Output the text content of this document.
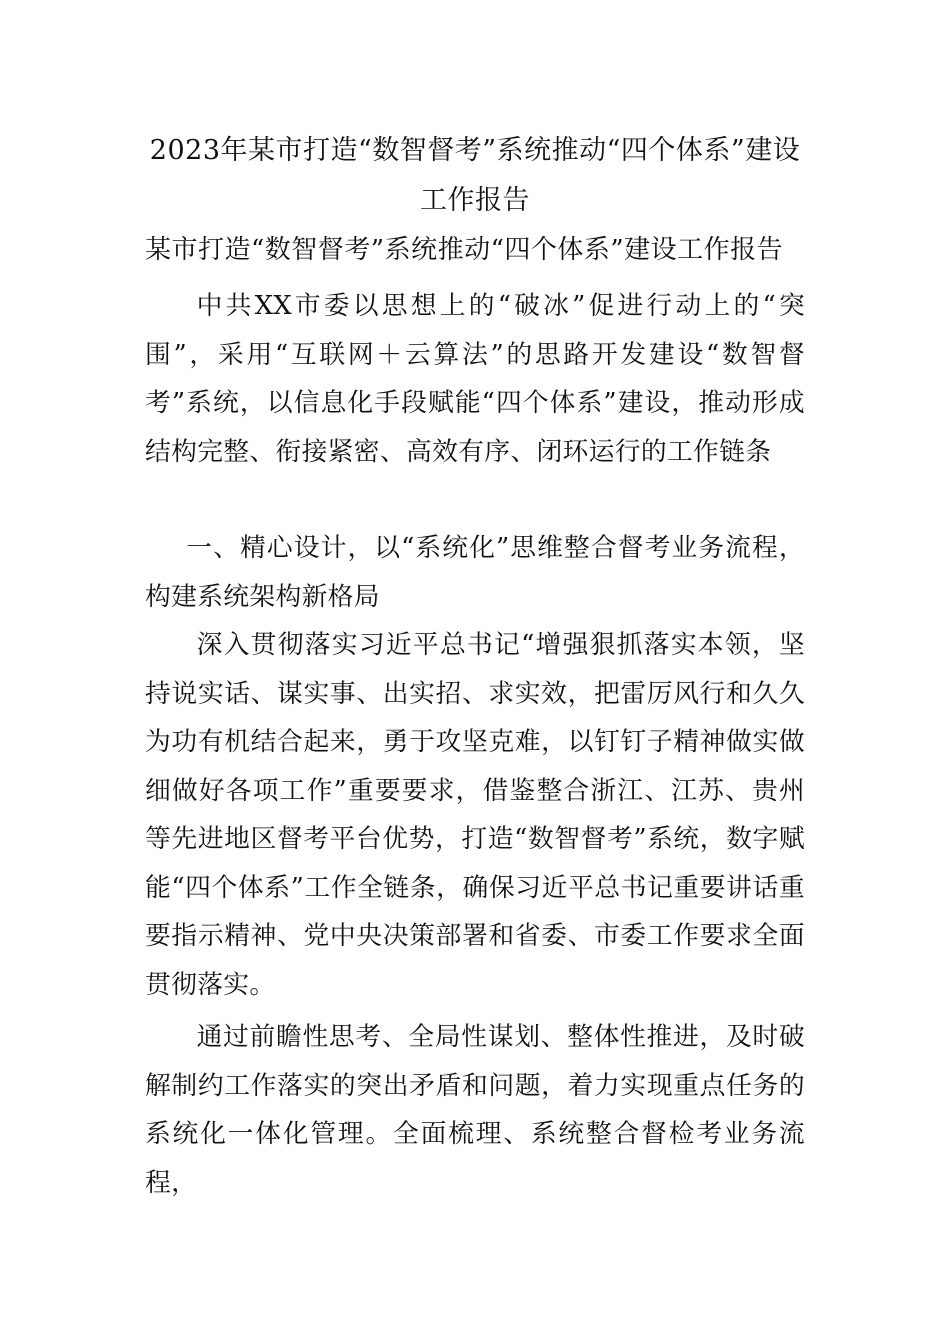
2023年某市打造“数智督考”系统推动“四个体系”建设工作报告

某市打造“数智督考”系统推动“四个体系”建设工作报告

中共XX市委以思想上的“破冰”促进行动上的“突围”，采用“互联网＋云算法”的思路开发建设“数智督考”系统，以信息化手段赋能“四个体系”建设，推动形成结构完整、衔接紧密、高效有序、闭环运行的工作链条

一、精心设计，以“系统化”思维整合督考业务流程，构建系统架构新格局

深入贯彻落实习近平总书记“增强狠抓落实本领，坚持说实话、谋实事、出实招、求实效，把雷厉风行和久久为功有机结合起来，勇于攻坚克难，以钉钉子精神做实做细做好各项工作”重要要求，借鉴整合浙江、江苏、贵州等先进地区督考平台优势，打造“数智督考”系统，数字赋能“四个体系”工作全链条，确保习近平总书记重要讲话重要指示精神、党中央决策部署和省委、市委工作要求全面贯彻落实。

通过前瞻性思考、全局性谋划、整体性推进，及时破解制约工作落实的突出矛盾和问题，着力实现重点任务的系统化一体化管理。全面梳理、系统整合督检考业务流程，
